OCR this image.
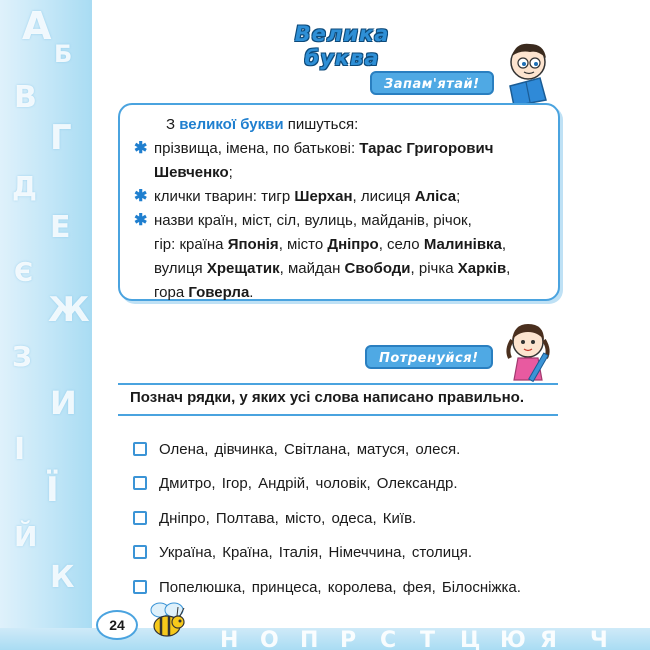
А
Б
В
Г
Д
Е
Є
Ж
З
И
І
Ї
Й
К
Н О П Р С Т Ц Ю Я Ч
Велика буква
Запам'ятай!
З великої букви пишуться:
✱ прізвища, імена, по батькові: Тарас Григорович
Шевченко;
✱ клички тварин: тигр Шерхан, лисиця Аліса;
✱ назви країн, міст, сіл, вулиць, майданів, річок,
гір: країна Японія, місто Дніпро, село Малинівка,
вулиця Хрещатик, майдан Свободи, річка Харків,
гора Говерла.
Потренуйся!
Познач рядки, у яких усі слова написано правильно.
Олена, дівчинка, Світлана, матуся, олеся.
Дмитро, Ігор, Андрій, чоловік, Олександр.
Дніпро, Полтава, місто, одеса, Київ.
Україна, Країна, Італія, Німеччина, столиця.
Попелюшка, принцеса, королева, фея, Білосніжка.
24
